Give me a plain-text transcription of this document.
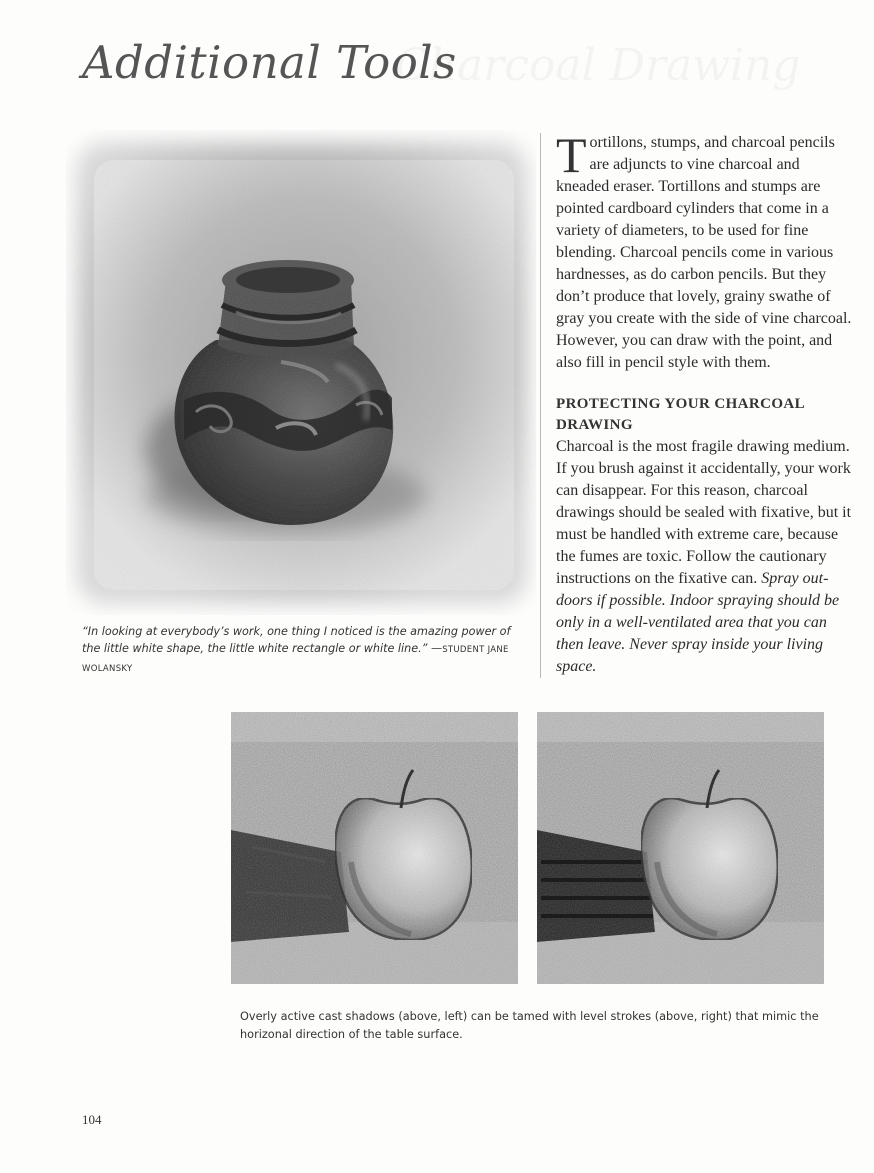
Additional Tools
“In looking at everybody’s work, one thing I noticed is the amazing power of the little white shape, the little white rectangle or white line.” —STUDENT JANE WOLANSKY

Tortillons, stumps, and charcoal pencils are adjuncts to vine charcoal and kneaded eraser. Tortillons and stumps are pointed cardboard cylinders that come in a variety of diameters, to be used for fine blending. Charcoal pencils come in various hardnesses, as do carbon pencils. But they don’t produce that lovely, grainy swathe of gray you create with the side of vine charcoal. However, you can draw with the point, and also fill in pencil style with them.

PROTECTING YOUR CHARCOAL DRAWING

Charcoal is the most fragile drawing medium. If you brush against it accidentally, your work can disappear. For this reason, charcoal drawings should be sealed with fixative, but it must be handled with extreme care, because the fumes are toxic. Follow the cautionary instructions on the fixative can. Spray outdoors if possible. Indoor spraying should be only in a well-ventilated area that you can then leave. Never spray inside your living space.

Overly active cast shadows (above, left) can be tamed with level strokes (above, right) that mimic the horizonal direction of the table surface.
104
